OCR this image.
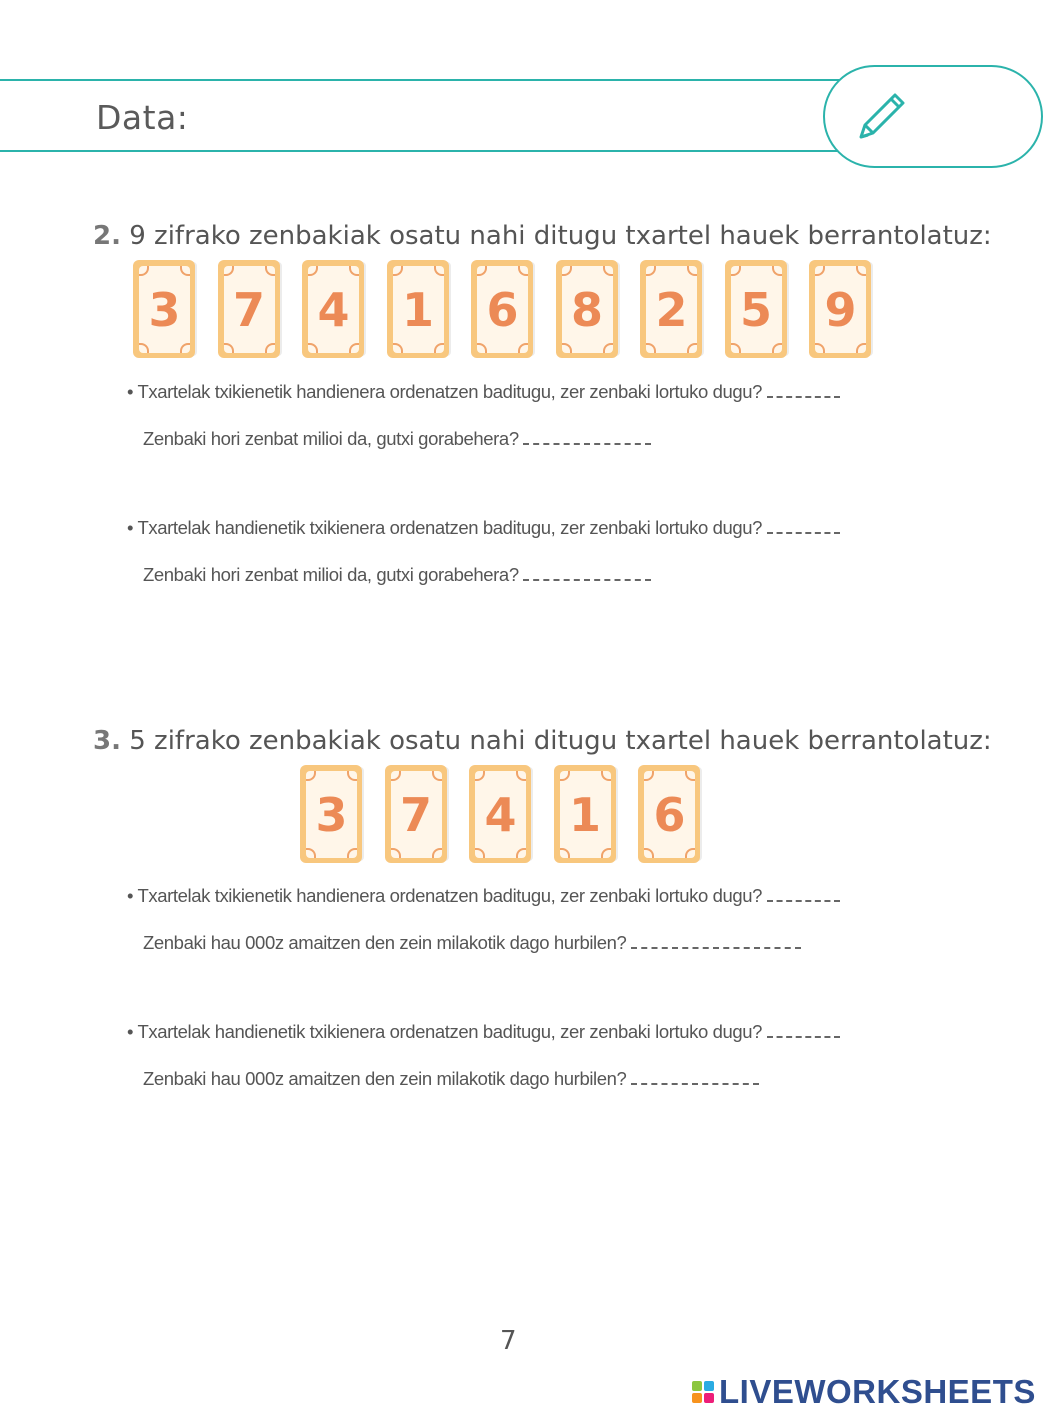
Data:
2. 9 zifrako zenbakiak osatu nahi ditugu txartel hauek berrantolatuz:
3 7 4 1 6 8 2 5 9
• Txartelak txikienetik handienera ordenatzen baditugu, zer zenbaki lortuko dugu?
Zenbaki hori zenbat milioi da, gutxi gorabehera?
• Txartelak handienetik txikienera ordenatzen baditugu, zer zenbaki lortuko dugu?
Zenbaki hori zenbat milioi da, gutxi gorabehera?
3. 5 zifrako zenbakiak osatu nahi ditugu txartel hauek berrantolatuz:
3 7 4 1 6
• Txartelak txikienetik handienera ordenatzen baditugu, zer zenbaki lortuko dugu?
Zenbaki hau 000z amaitzen den zein milakotik dago hurbilen?
• Txartelak handienetik txikienera ordenatzen baditugu, zer zenbaki lortuko dugu?
Zenbaki hau 000z amaitzen den zein milakotik dago hurbilen?
7
LIVEWORKSHEETS
